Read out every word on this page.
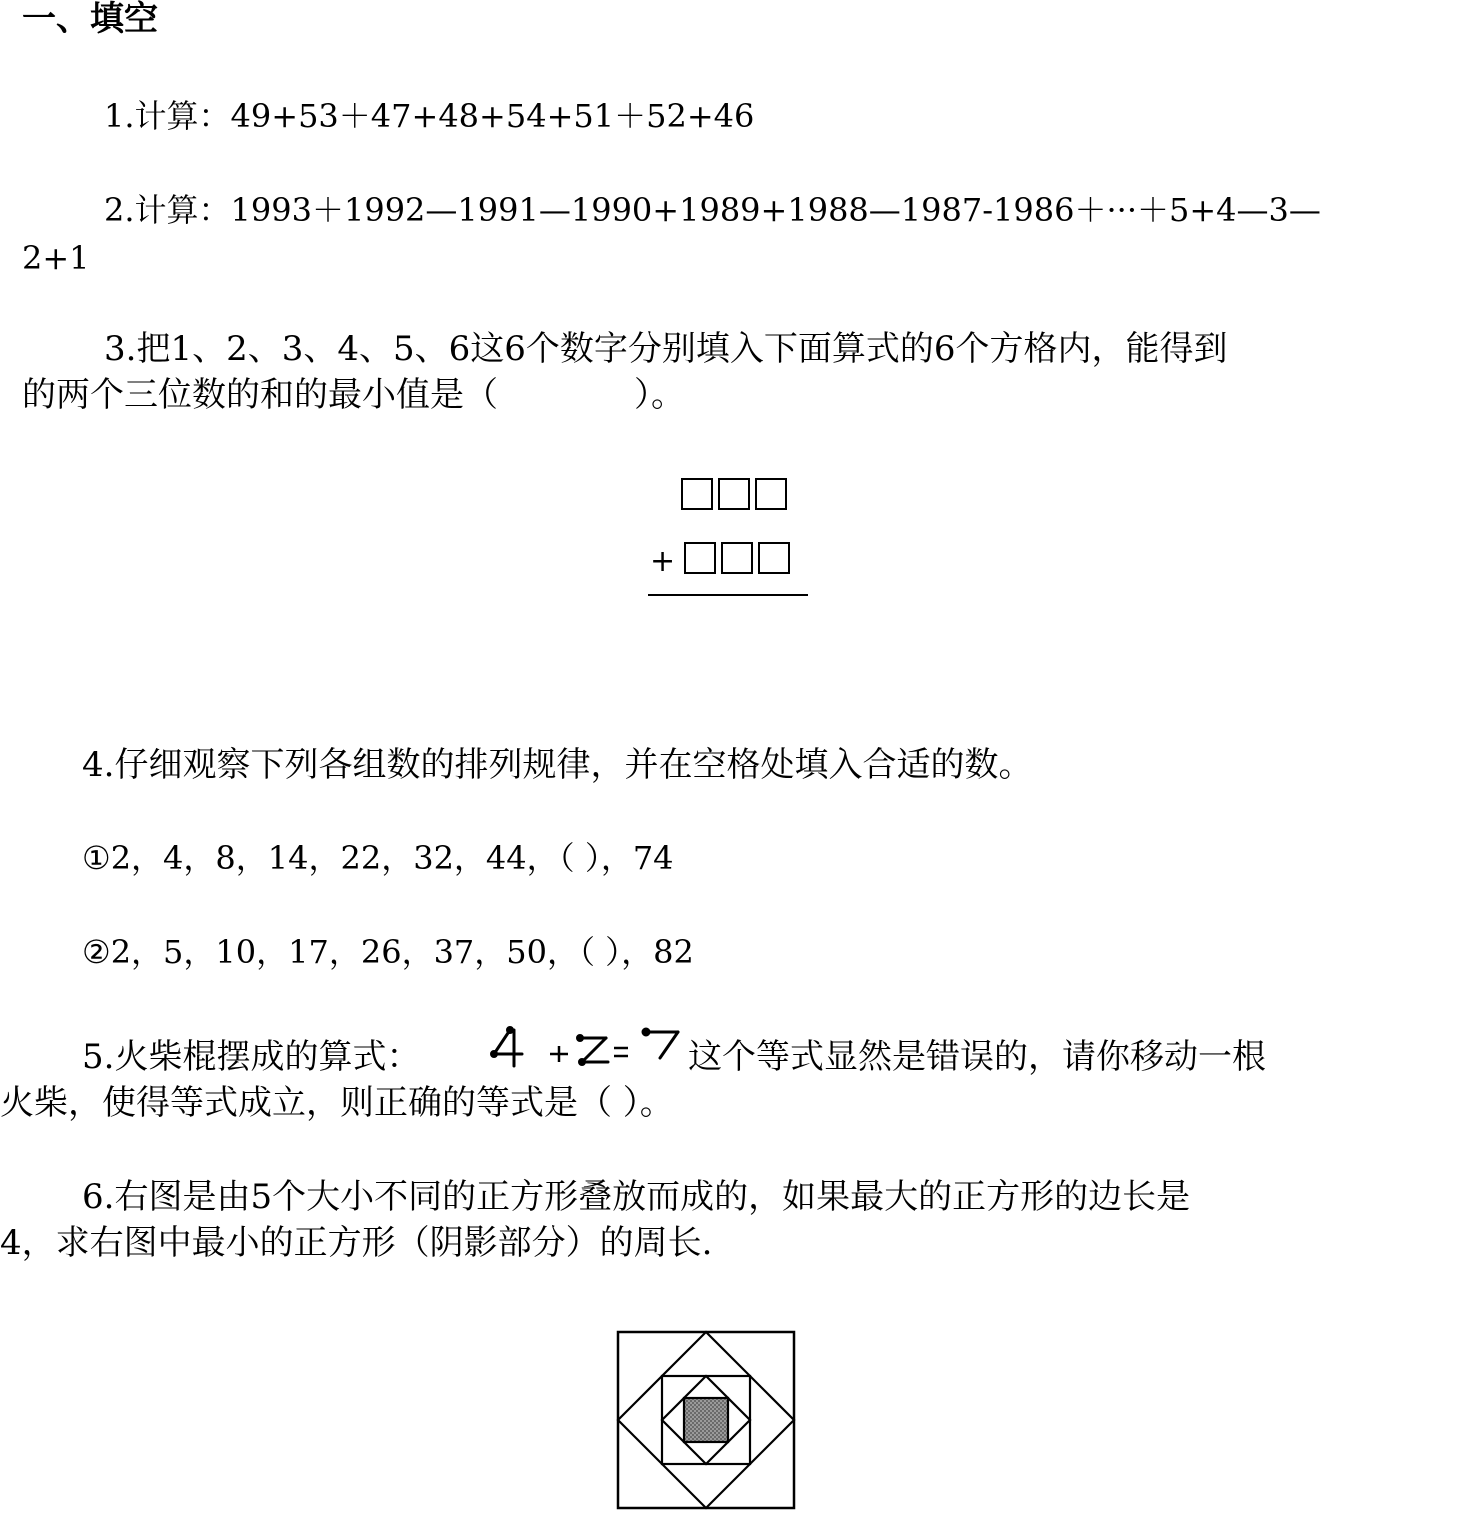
一、填空
1.计算：49+53＋47+48+54+51＋52+46
2.计算：1993＋1992—1991—1990+1989+1988—1987-1986＋···＋5+4—3—
2+1
3.把1、2、3、4、5、6这6个数字分别填入下面算式的6个方格内，能得到
的两个三位数的和的最小值是（　　　　）。
+
4.仔细观察下列各组数的排列规律，并在空格处填入合适的数。
①2，4，8，14，22，32，44，（ ），74
②2，5，10，17，26，37，50，（ ），82
5.火柴棍摆成的算式：	这个等式显然是错误的，请你移动一根
火柴，使得等式成立，则正确的等式是（ ）。
6.右图是由5个大小不同的正方形叠放而成的，如果最大的正方形的边长是
4，求右图中最小的正方形（阴影部分）的周长.
